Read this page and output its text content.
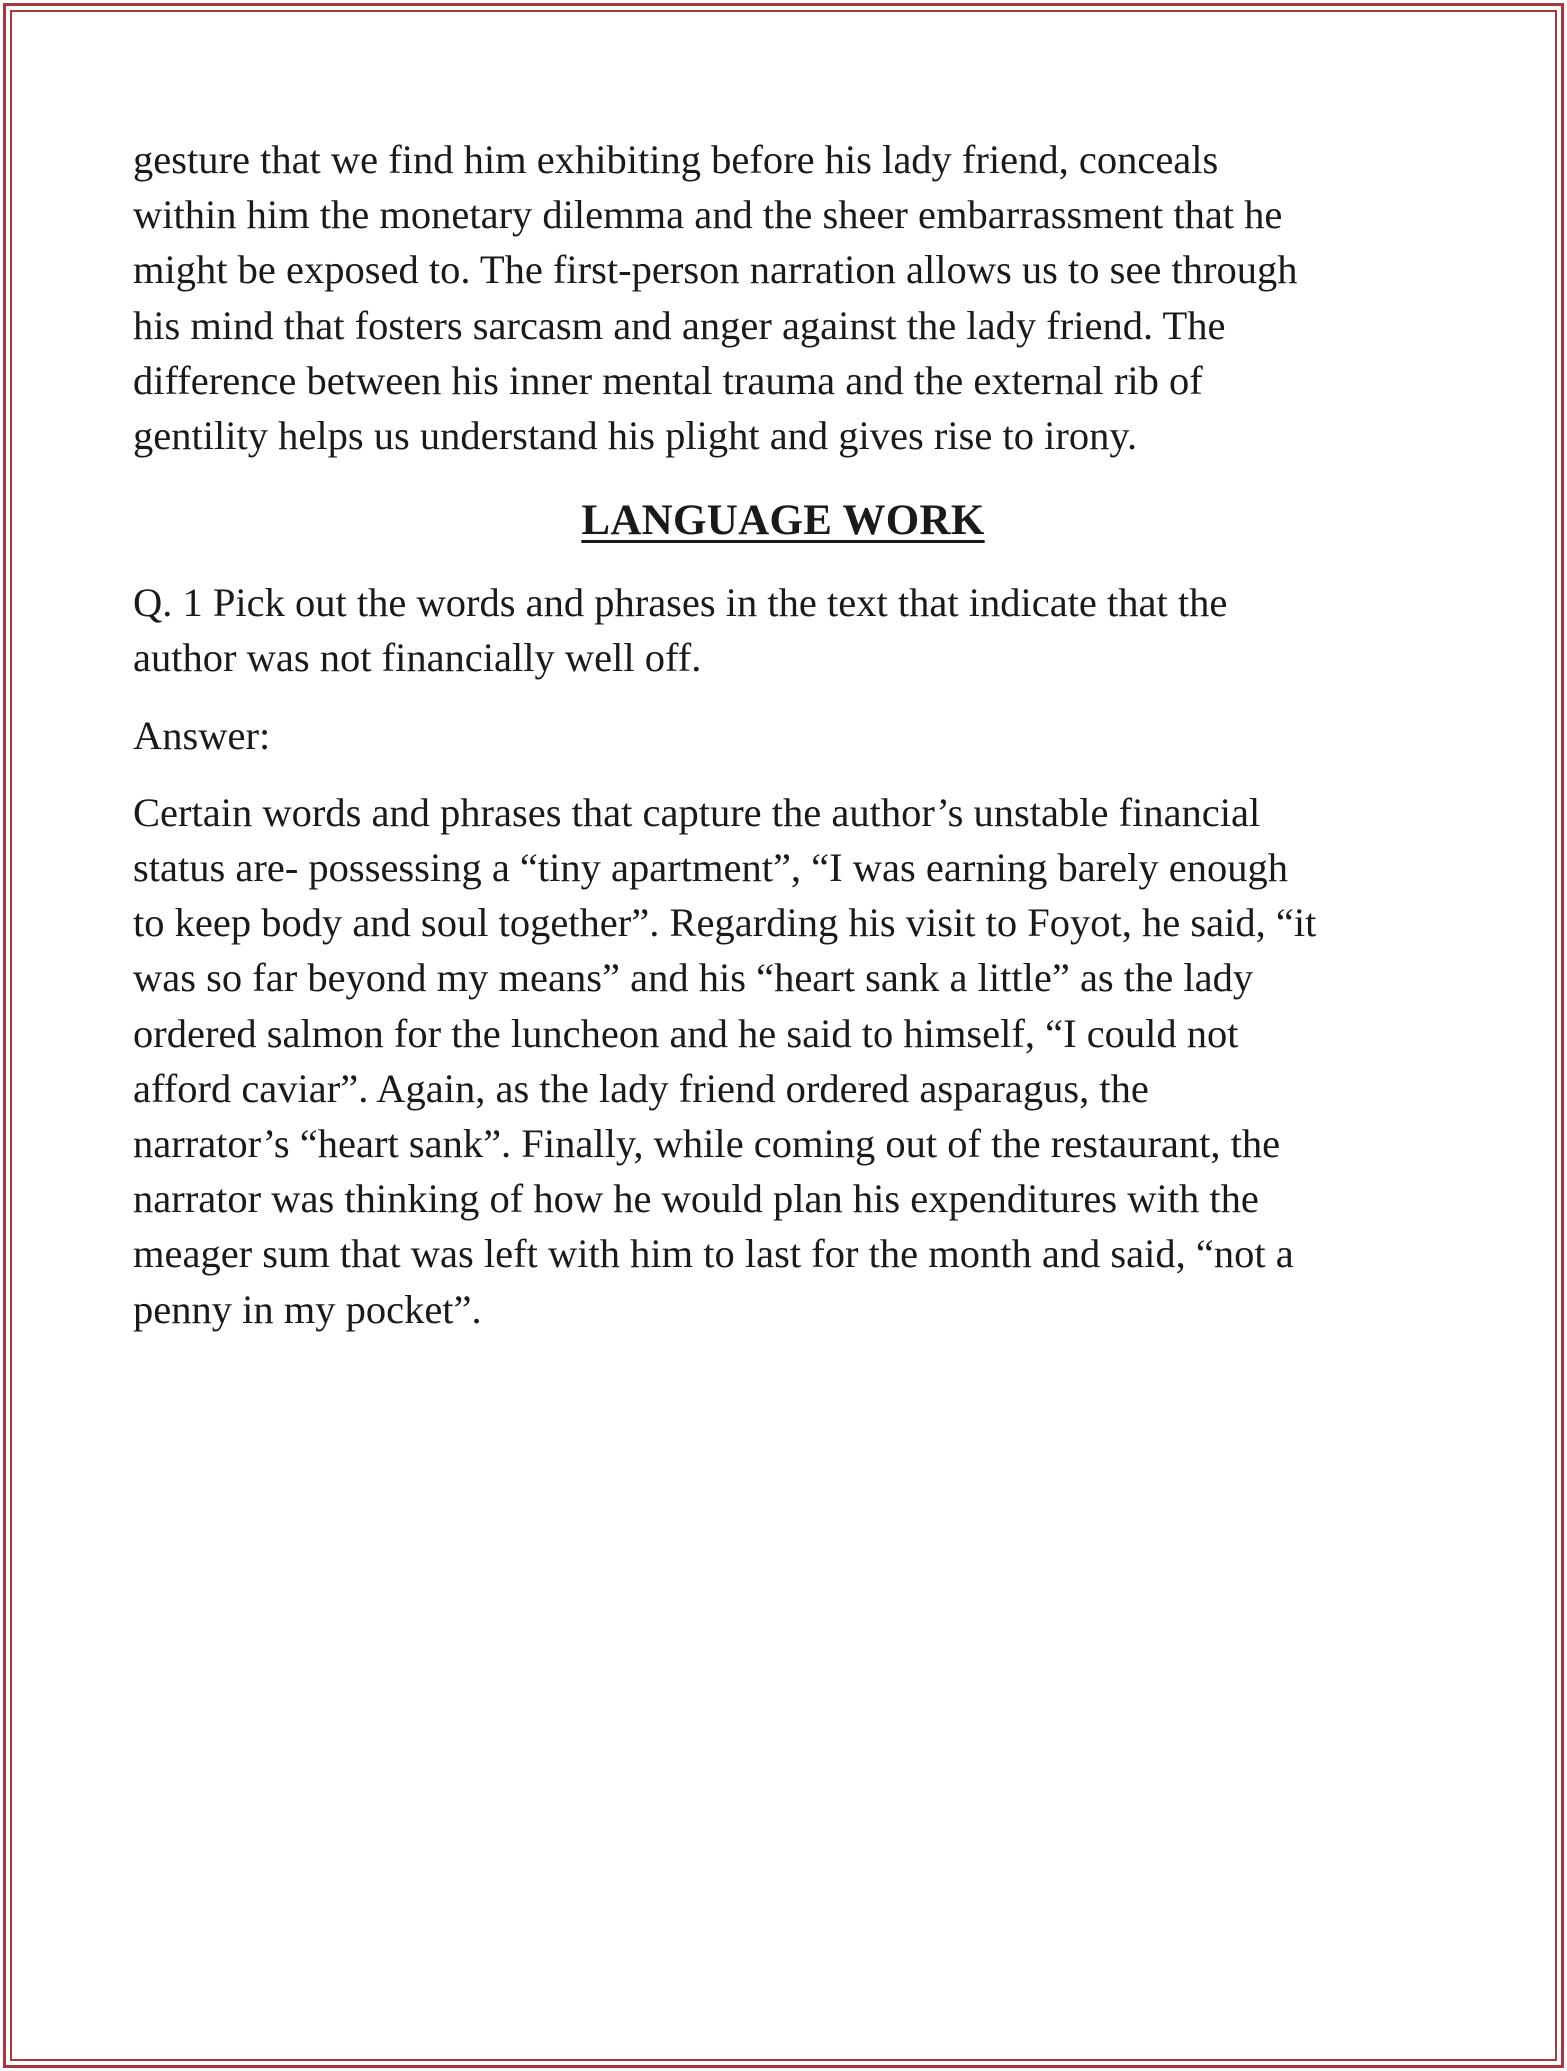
gesture that we find him exhibiting before his lady friend, conceals
within him the monetary dilemma and the sheer embarrassment that he
might be exposed to. The first-person narration allows us to see through
his mind that fosters sarcasm and anger against the lady friend. The
difference between his inner mental trauma and the external rib of
gentility helps us understand his plight and gives rise to irony.

LANGUAGE WORK

Q. 1 Pick out the words and phrases in the text that indicate that the
author was not financially well off.

Answer:

Certain words and phrases that capture the author’s unstable financial
status are- possessing a “tiny apartment”, “I was earning barely enough
to keep body and soul together”. Regarding his visit to Foyot, he said, “it
was so far beyond my means” and his “heart sank a little” as the lady
ordered salmon for the luncheon and he said to himself, “I could not
afford caviar”. Again, as the lady friend ordered asparagus, the
narrator’s “heart sank”. Finally, while coming out of the restaurant, the
narrator was thinking of how he would plan his expenditures with the
meager sum that was left with him to last for the month and said, “not a
penny in my pocket”.
